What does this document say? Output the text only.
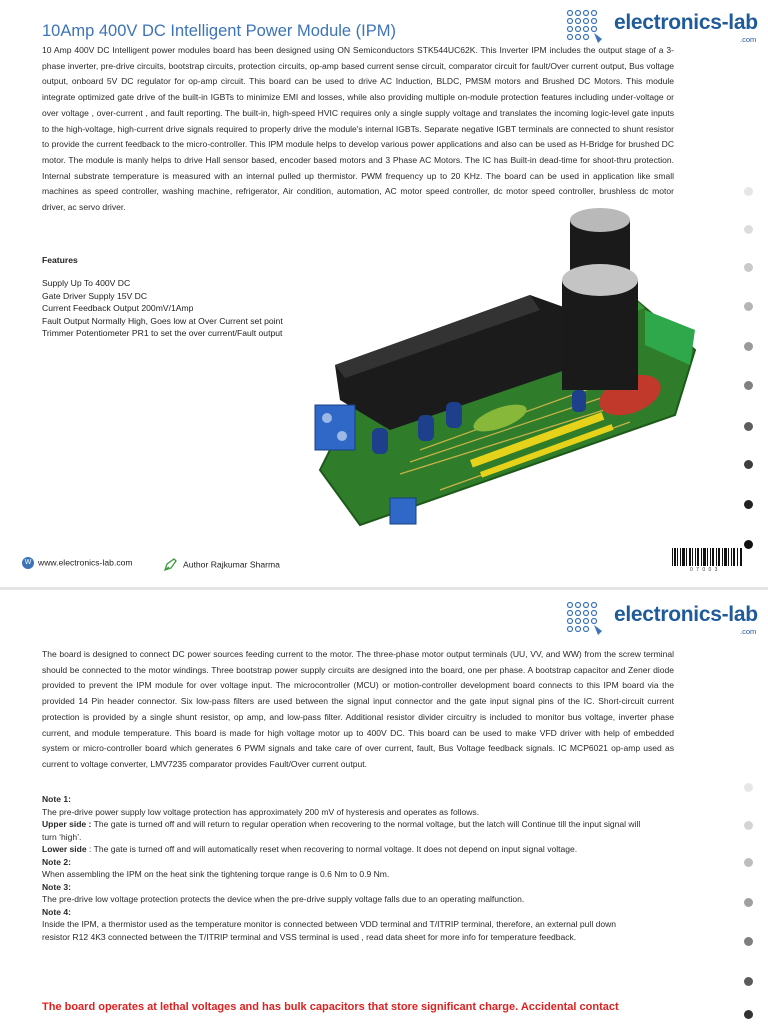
10Amp 400V DC Intelligent Power Module (IPM)	electronics-lab
.com
10 Amp 400V DC Intelligent power modules board has been designed using ON Semiconductors STK544UC62K. This Inverter IPM includes the output stage of a 3-phase inverter, pre-drive circuits, bootstrap circuits, protection circuits, op-amp based current sense circuit, comparator circuit for fault/Over current output, Bus voltage output, onboard 5V DC regulator for op-amp circuit. This board can be used to drive AC Induction, BLDC, PMSM motors and Brushed DC Motors. This module integrate optimized gate drive of the built-in IGBTs to minimize EMI and losses, while also providing multiple on-module protection features including under-voltage or over voltage , over-current , and fault reporting. The built-in, high-speed HVIC requires only a single supply voltage and translates the incoming logic-level gate inputs to the high-voltage, high-current drive signals required to properly drive the module's internal IGBTs. Separate negative IGBT terminals are connected to shunt resistor to provide the current feedback to the micro-controller. This IPM module helps to develop various power applications and also can be used as H-Bridge for brushed DC motor. The module is manly helps to drive Hall sensor based, encoder based motors and 3 Phase AC Motors. The IC has Built-in dead-time for shoot-thru protection. Internal substrate temperature is measured with an internal pulled up thermistor. PWM frequency up to 20 KHz. The board can be used in application like small machines as speed controller, washing machine, refrigerator, Air condition, automation, AC motor speed controller, dc motor speed controller, brushless dc motor driver, ac servo driver.
Features
Supply Up To 400V DC
Gate Driver Supply 15V DC
Current Feedback Output 200mV/1Amp
Fault Output Normally High, Goes low at Over Current set point
Trimmer Potentiometer PR1 to set the over current/Fault output
W www.electronics-lab.com	Author Rajkumar Sharma
0 7 0 0 3
electronics-lab
.com
The board is designed to connect DC power sources feeding current to the motor. The three-phase motor output terminals (UU, VV, and WW) from the screw terminal should be connected to the motor windings. Three bootstrap power supply circuits are designed into the board, one per phase. A bootstrap capacitor and Zener diode provided to prevent the IPM module for over voltage input. The microcontroller (MCU) or motion-controller development board connects to this IPM board via the provided 14 Pin header connector. Six low-pass filters are used between the signal input connector and the gate input signal pins of the IC. Short-circuit current protection is provided by a single shunt resistor, op amp, and low-pass filter. Additional resistor divider circuitry is included to monitor bus voltage, inverter phase current, and module temperature. This board is made for high voltage motor up to 400V DC. This board can be used to make VFD driver with help of embedded system or micro-controller board which generates 6 PWM signals and take care of over current, fault, Bus Voltage feedback signals. IC MCP6021 op-amp used as current to voltage converter, LMV7235 comparator provides Fault/Over current output.
Note 1:
The pre-drive power supply low voltage protection has approximately 200 mV of hysteresis and operates as follows.
Upper side : The gate is turned off and will return to regular operation when recovering to the normal voltage, but the latch will Continue till the input signal will turn ‘high’.
Lower side : The gate is turned off and will automatically reset when recovering to normal voltage. It does not depend on input signal voltage.
Note 2:
When assembling the IPM on the heat sink the tightening torque range is 0.6 Nm to 0.9 Nm.
Note 3:
The pre-drive low voltage protection protects the device when the pre-drive supply voltage falls due to an operating malfunction.
Note 4:
Inside the IPM, a thermistor used as the temperature monitor is connected between VDD terminal and T/ITRIP terminal, therefore, an external pull down resistor R12 4K3 connected between the T/ITRIP terminal and VSS terminal is used , read data sheet for more info for temperature feedback.
The board operates at lethal voltages and has bulk capacitors that store significant charge. Accidental contact
